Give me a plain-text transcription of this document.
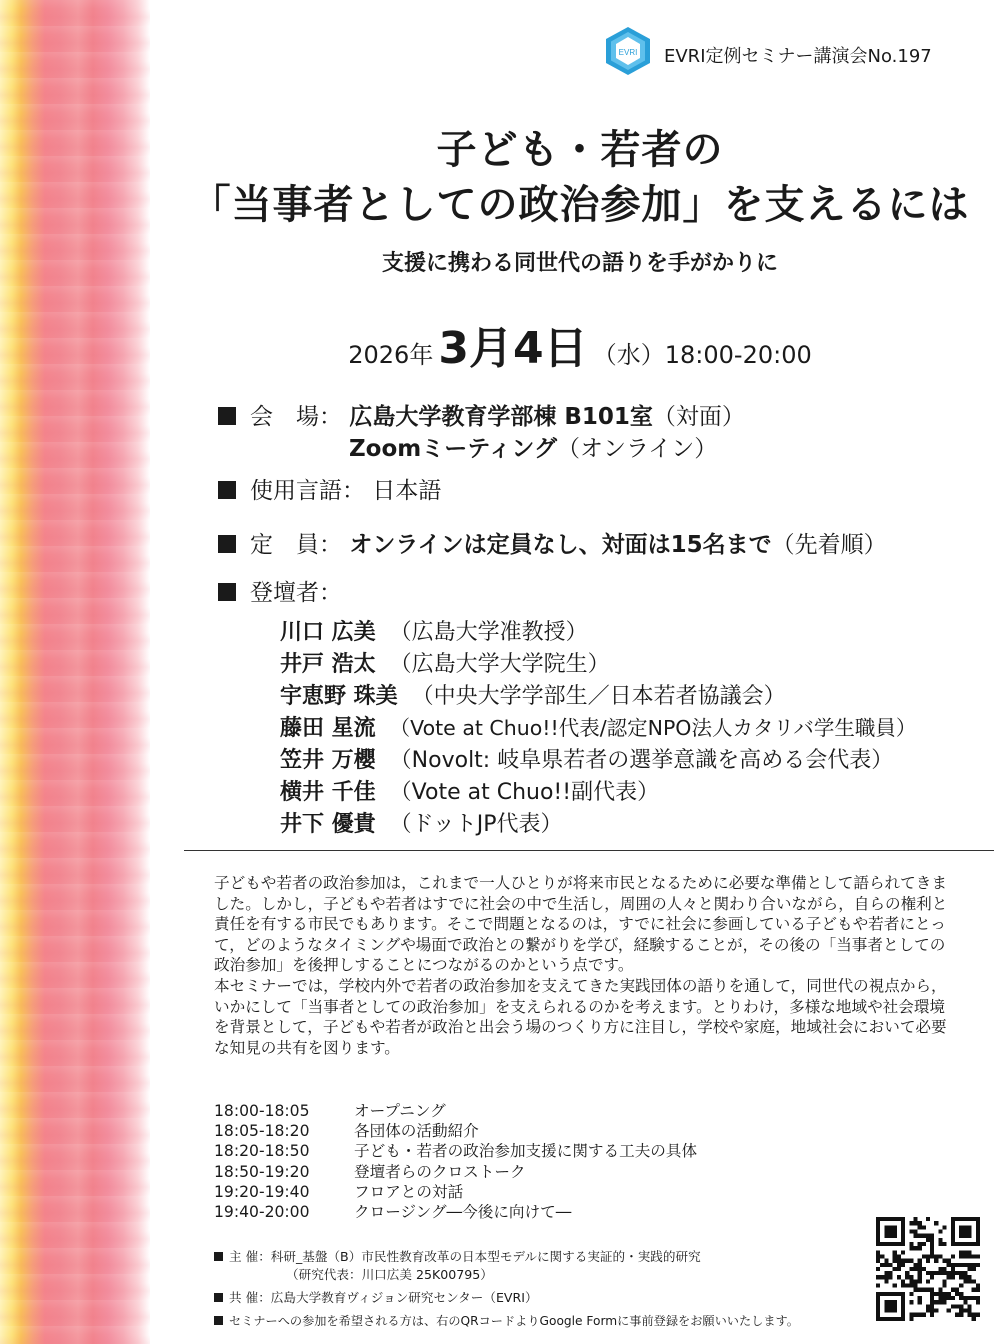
EVRI EVRI定例セミナー講演会No.197
子ども・若者の
「当事者としての政治参加」を支えるには
支援に携わる同世代の語りを手がかりに
2026年 3月4日 （水）18:00-20:00
会　場： 広島大学教育学部棟 B101室（対面）
Zoomミーティング（オンライン）
使用言語： 日本語
定　員： オンラインは定員なし、対面は15名まで（先着順）
登壇者：
川口 広美 （広島大学准教授）
井戸 浩太 （広島大学大学院生）
宇恵野 珠美 （中央大学学部生／日本若者協議会）
藤田 星流 （Vote at Chuo!!代表/認定NPO法人カタリバ学生職員）
笠井 万櫻 （Novolt: 岐阜県若者の選挙意識を高める会代表）
横井 千佳 （Vote at Chuo!!副代表）
井下 優貴 （ドットJP代表）

子どもや若者の政治参加は，これまで一人ひとりが将来市民となるために必要な準備として語られてきました。しかし，子どもや若者はすでに社会の中で生活し，周囲の人々と関わり合いながら，自らの権利と責任を有する市民でもあります。そこで問題となるのは，すでに社会に参画している子どもや若者にとって，どのようなタイミングや場面で政治との繋がりを学び，経験することが，その後の「当事者としての政治参加」を後押しすることにつながるのかという点です。

本セミナーでは，学校内外で若者の政治参加を支えてきた実践団体の語りを通して，同世代の視点から，いかにして「当事者としての政治参加」を支えられるのかを考えます。とりわけ，多様な地域や社会環境を背景として，子どもや若者が政治と出会う場のつくり方に注目し，学校や家庭，地域社会において必要な知見の共有を図ります。

18:00-18:05	オープニング
18:05-18:20	各団体の活動紹介
18:20-18:50	子ども・若者の政治参加支援に関する工夫の具体
18:50-19:20	登壇者らのクロストーク
19:20-19:40	フロアとの対話
19:40-20:00	クロージング―今後に向けて―
主 催：科研_基盤（B）市民性教育改革の日本型モデルに関する実証的・実践的研究
（研究代表：川口広美 25K00795）
共 催：広島大学教育ヴィジョン研究センター（EVRI）
セミナーへの参加を希望される方は、右のQRコードよりGoogle Formに事前登録をお願いいたします。
